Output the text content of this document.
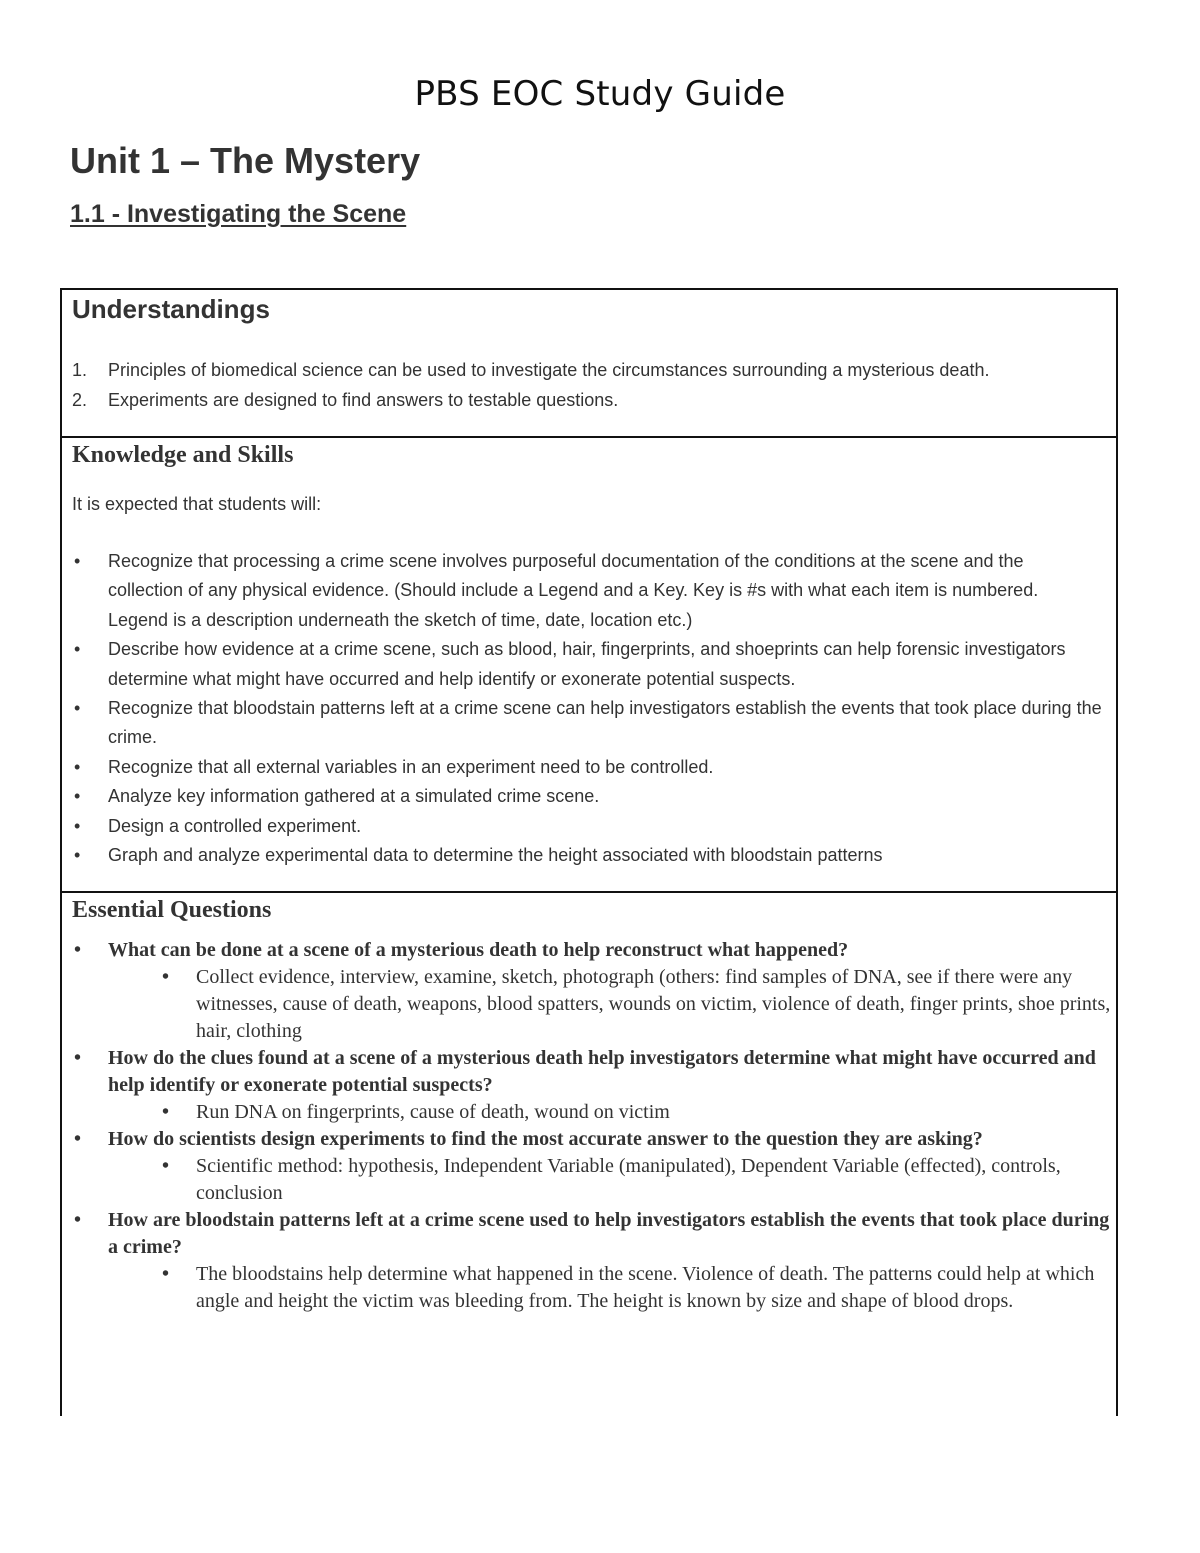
PBS EOC Study Guide
Unit 1 – The Mystery
1.1 - Investigating the Scene
Understandings
1. Principles of biomedical science can be used to investigate the circumstances surrounding a mysterious death.
2. Experiments are designed to find answers to testable questions.
Knowledge and Skills
It is expected that students will:
• Recognize that processing a crime scene involves purposeful documentation of the conditions at the scene and the collection of any physical evidence. (Should include a Legend and a Key. Key is #s with what each item is numbered. Legend is a description underneath the sketch of time, date, location etc.)
• Describe how evidence at a crime scene, such as blood, hair, fingerprints, and shoeprints can help forensic investigators determine what might have occurred and help identify or exonerate potential suspects.
• Recognize that bloodstain patterns left at a crime scene can help investigators establish the events that took place during the crime.
• Recognize that all external variables in an experiment need to be controlled.
• Analyze key information gathered at a simulated crime scene.
• Design a controlled experiment.
• Graph and analyze experimental data to determine the height associated with bloodstain patterns
Essential Questions
• What can be done at a scene of a mysterious death to help reconstruct what happened?
• Collect evidence, interview, examine, sketch, photograph (others: find samples of DNA, see if there were any witnesses, cause of death, weapons, blood spatters, wounds on victim, violence of death, finger prints, shoe prints, hair, clothing
• How do the clues found at a scene of a mysterious death help investigators determine what might have occurred and help identify or exonerate potential suspects?
• Run DNA on fingerprints, cause of death, wound on victim
• How do scientists design experiments to find the most accurate answer to the question they are asking?
• Scientific method: hypothesis, Independent Variable (manipulated), Dependent Variable (effected), controls, conclusion
• How are bloodstain patterns left at a crime scene used to help investigators establish the events that took place during a crime?
• The bloodstains help determine what happened in the scene. Violence of death. The patterns could help at which angle and height the victim was bleeding from. The height is known by size and shape of blood drops.
